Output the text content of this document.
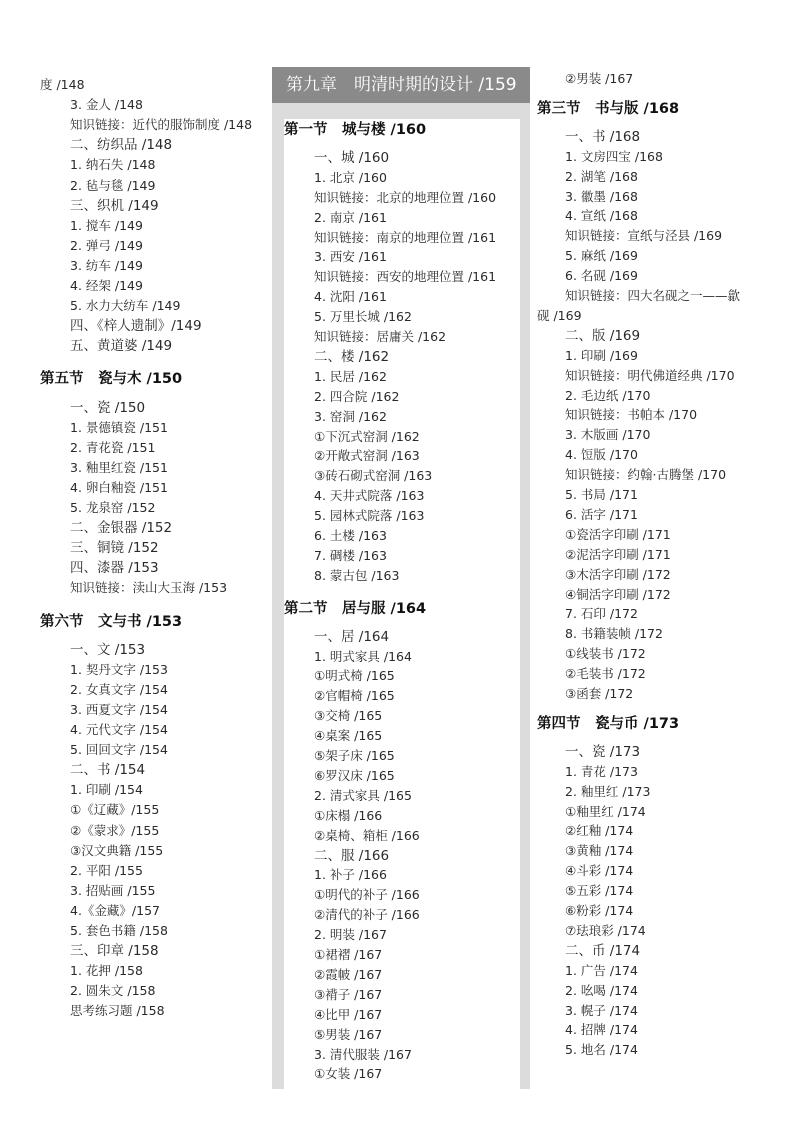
度 /148
3. 金人 /148
知识链接：近代的服饰制度 /148
二、纺织品 /148
1. 纳石失 /148
2. 毡与毯 /149
三、织机 /149
1. 搅车 /149
2. 弹弓 /149
3. 纺车 /149
4. 经架 /149
5. 水力大纺车 /149
四、《梓人遗制》/149
五、黄道婆 /149
第五节　瓷与木 /150
一、瓷 /150
1. 景德镇瓷 /151
2. 青花瓷 /151
3. 釉里红瓷 /151
4. 卵白釉瓷 /151
5. 龙泉窑 /152
二、金银器 /152
三、铜镜 /152
四、漆器 /153
知识链接：渎山大玉海 /153
第六节　文与书 /153
一、文 /153
1. 契丹文字 /153
2. 女真文字 /154
3. 西夏文字 /154
4. 元代文字 /154
5. 回回文字 /154
二、书 /154
1. 印刷 /154
①《辽藏》/155
②《蒙求》/155
③汉文典籍 /155
2. 平阳 /155
3. 招贴画 /155
4.《金藏》/157
5. 套色书籍 /158
三、印章 /158
1. 花押 /158
2. 圆朱文 /158
思考练习题 /158
第九章　明清时期的设计 /159
第一节　城与楼 /160
一、城 /160
1. 北京 /160
知识链接：北京的地理位置 /160
2. 南京 /161
知识链接：南京的地理位置 /161
3. 西安 /161
知识链接：西安的地理位置 /161
4. 沈阳 /161
5. 万里长城 /162
知识链接：居庸关 /162
二、楼 /162
1. 民居 /162
2. 四合院 /162
3. 窑洞 /162
①下沉式窑洞 /162
②开敞式窑洞 /163
③砖石砌式窑洞 /163
4. 天井式院落 /163
5. 园林式院落 /163
6. 土楼 /163
7. 碉楼 /163
8. 蒙古包 /163
第二节　居与服 /164
一、居 /164
1. 明式家具 /164
①明式椅 /165
②官帽椅 /165
③交椅 /165
④桌案 /165
⑤架子床 /165
⑥罗汉床 /165
2. 清式家具 /165
①床榻 /166
②桌椅、箱柜 /166
二、服 /166
1. 补子 /166
①明代的补子 /166
②清代的补子 /166
2. 明装 /167
①裙褶 /167
②霞帔 /167
③褙子 /167
④比甲 /167
⑤男装 /167
3. 清代服装 /167
①女装 /167
②男装 /167
第三节　书与版 /168
一、书 /168
1. 文房四宝 /168
2. 湖笔 /168
3. 徽墨 /168
4. 宣纸 /168
知识链接：宣纸与泾县 /169
5. 麻纸 /169
6. 名砚 /169
知识链接：四大名砚之一——歙
砚 /169
二、版 /169
1. 印刷 /169
知识链接：明代佛道经典 /170
2. 毛边纸 /170
知识链接：书帕本 /170
3. 木版画 /170
4. 饾版 /170
知识链接：约翰·古腾堡 /170
5. 书局 /171
6. 活字 /171
①瓷活字印刷 /171
②泥活字印刷 /171
③木活字印刷 /172
④铜活字印刷 /172
7. 石印 /172
8. 书籍装帧 /172
①线装书 /172
②毛装书 /172
③函套 /172
第四节　瓷与币 /173
一、瓷 /173
1. 青花 /173
2. 釉里红 /173
①釉里红 /174
②红釉 /174
③黄釉 /174
④斗彩 /174
⑤五彩 /174
⑥粉彩 /174
⑦珐琅彩 /174
二、币 /174
1. 广告 /174
2. 吆喝 /174
3. 幌子 /174
4. 招牌 /174
5. 地名 /174
